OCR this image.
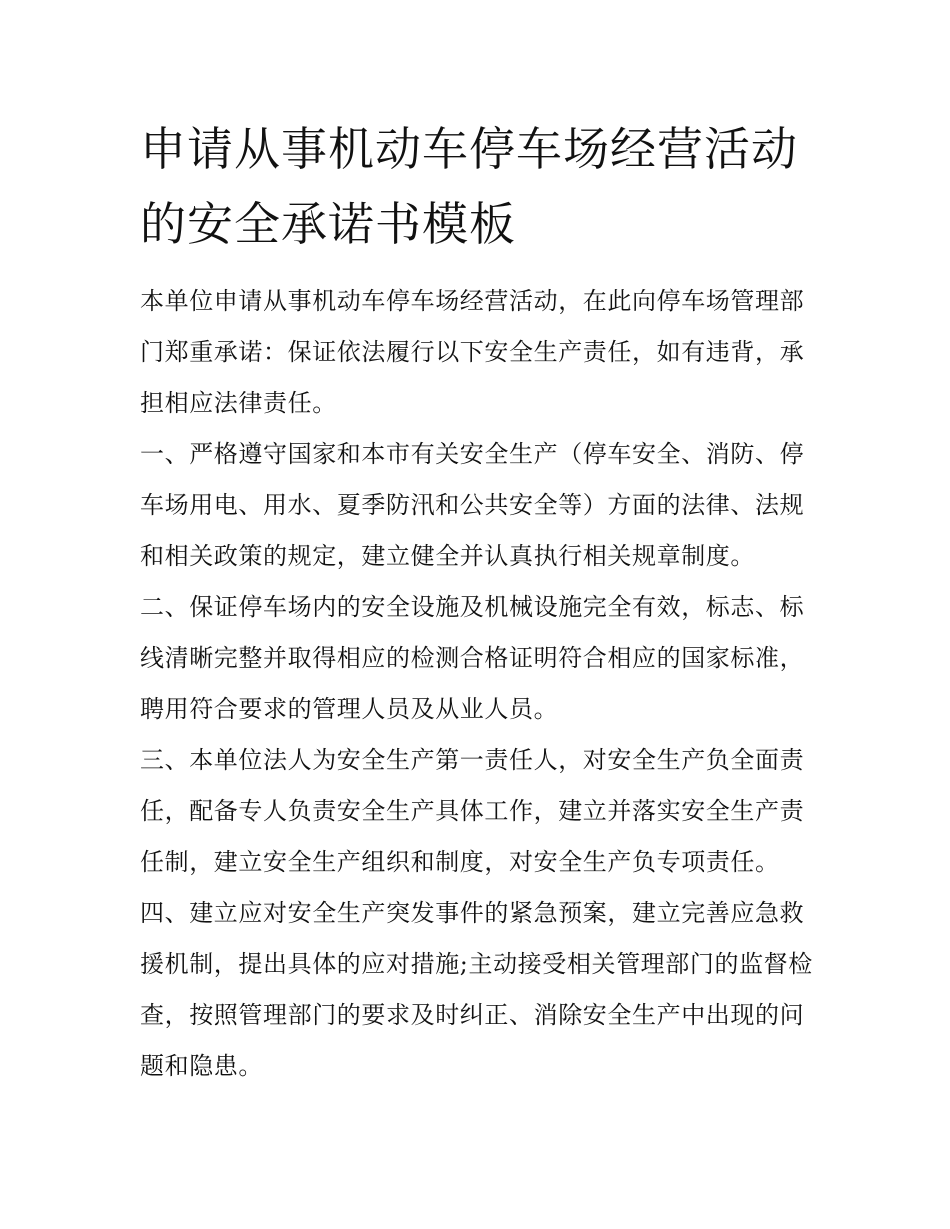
申请从事机动车停车场经营活动的安全承诺书模板

本单位申请从事机动车停车场经营活动，在此向停车场管理部门郑重承诺：保证依法履行以下安全生产责任，如有违背，承担相应法律责任。

一、严格遵守国家和本市有关安全生产（停车安全、消防、停车场用电、用水、夏季防汛和公共安全等）方面的法律、法规和相关政策的规定，建立健全并认真执行相关规章制度。

二、保证停车场内的安全设施及机械设施完全有效，标志、标线清晰完整并取得相应的检测合格证明符合相应的国家标准，聘用符合要求的管理人员及从业人员。

三、本单位法人为安全生产第一责任人，对安全生产负全面责任，配备专人负责安全生产具体工作，建立并落实安全生产责任制，建立安全生产组织和制度，对安全生产负专项责任。

四、建立应对安全生产突发事件的紧急预案，建立完善应急救援机制，提出具体的应对措施;主动接受相关管理部门的监督检查，按照管理部门的要求及时纠正、消除安全生产中出现的问题和隐患。
